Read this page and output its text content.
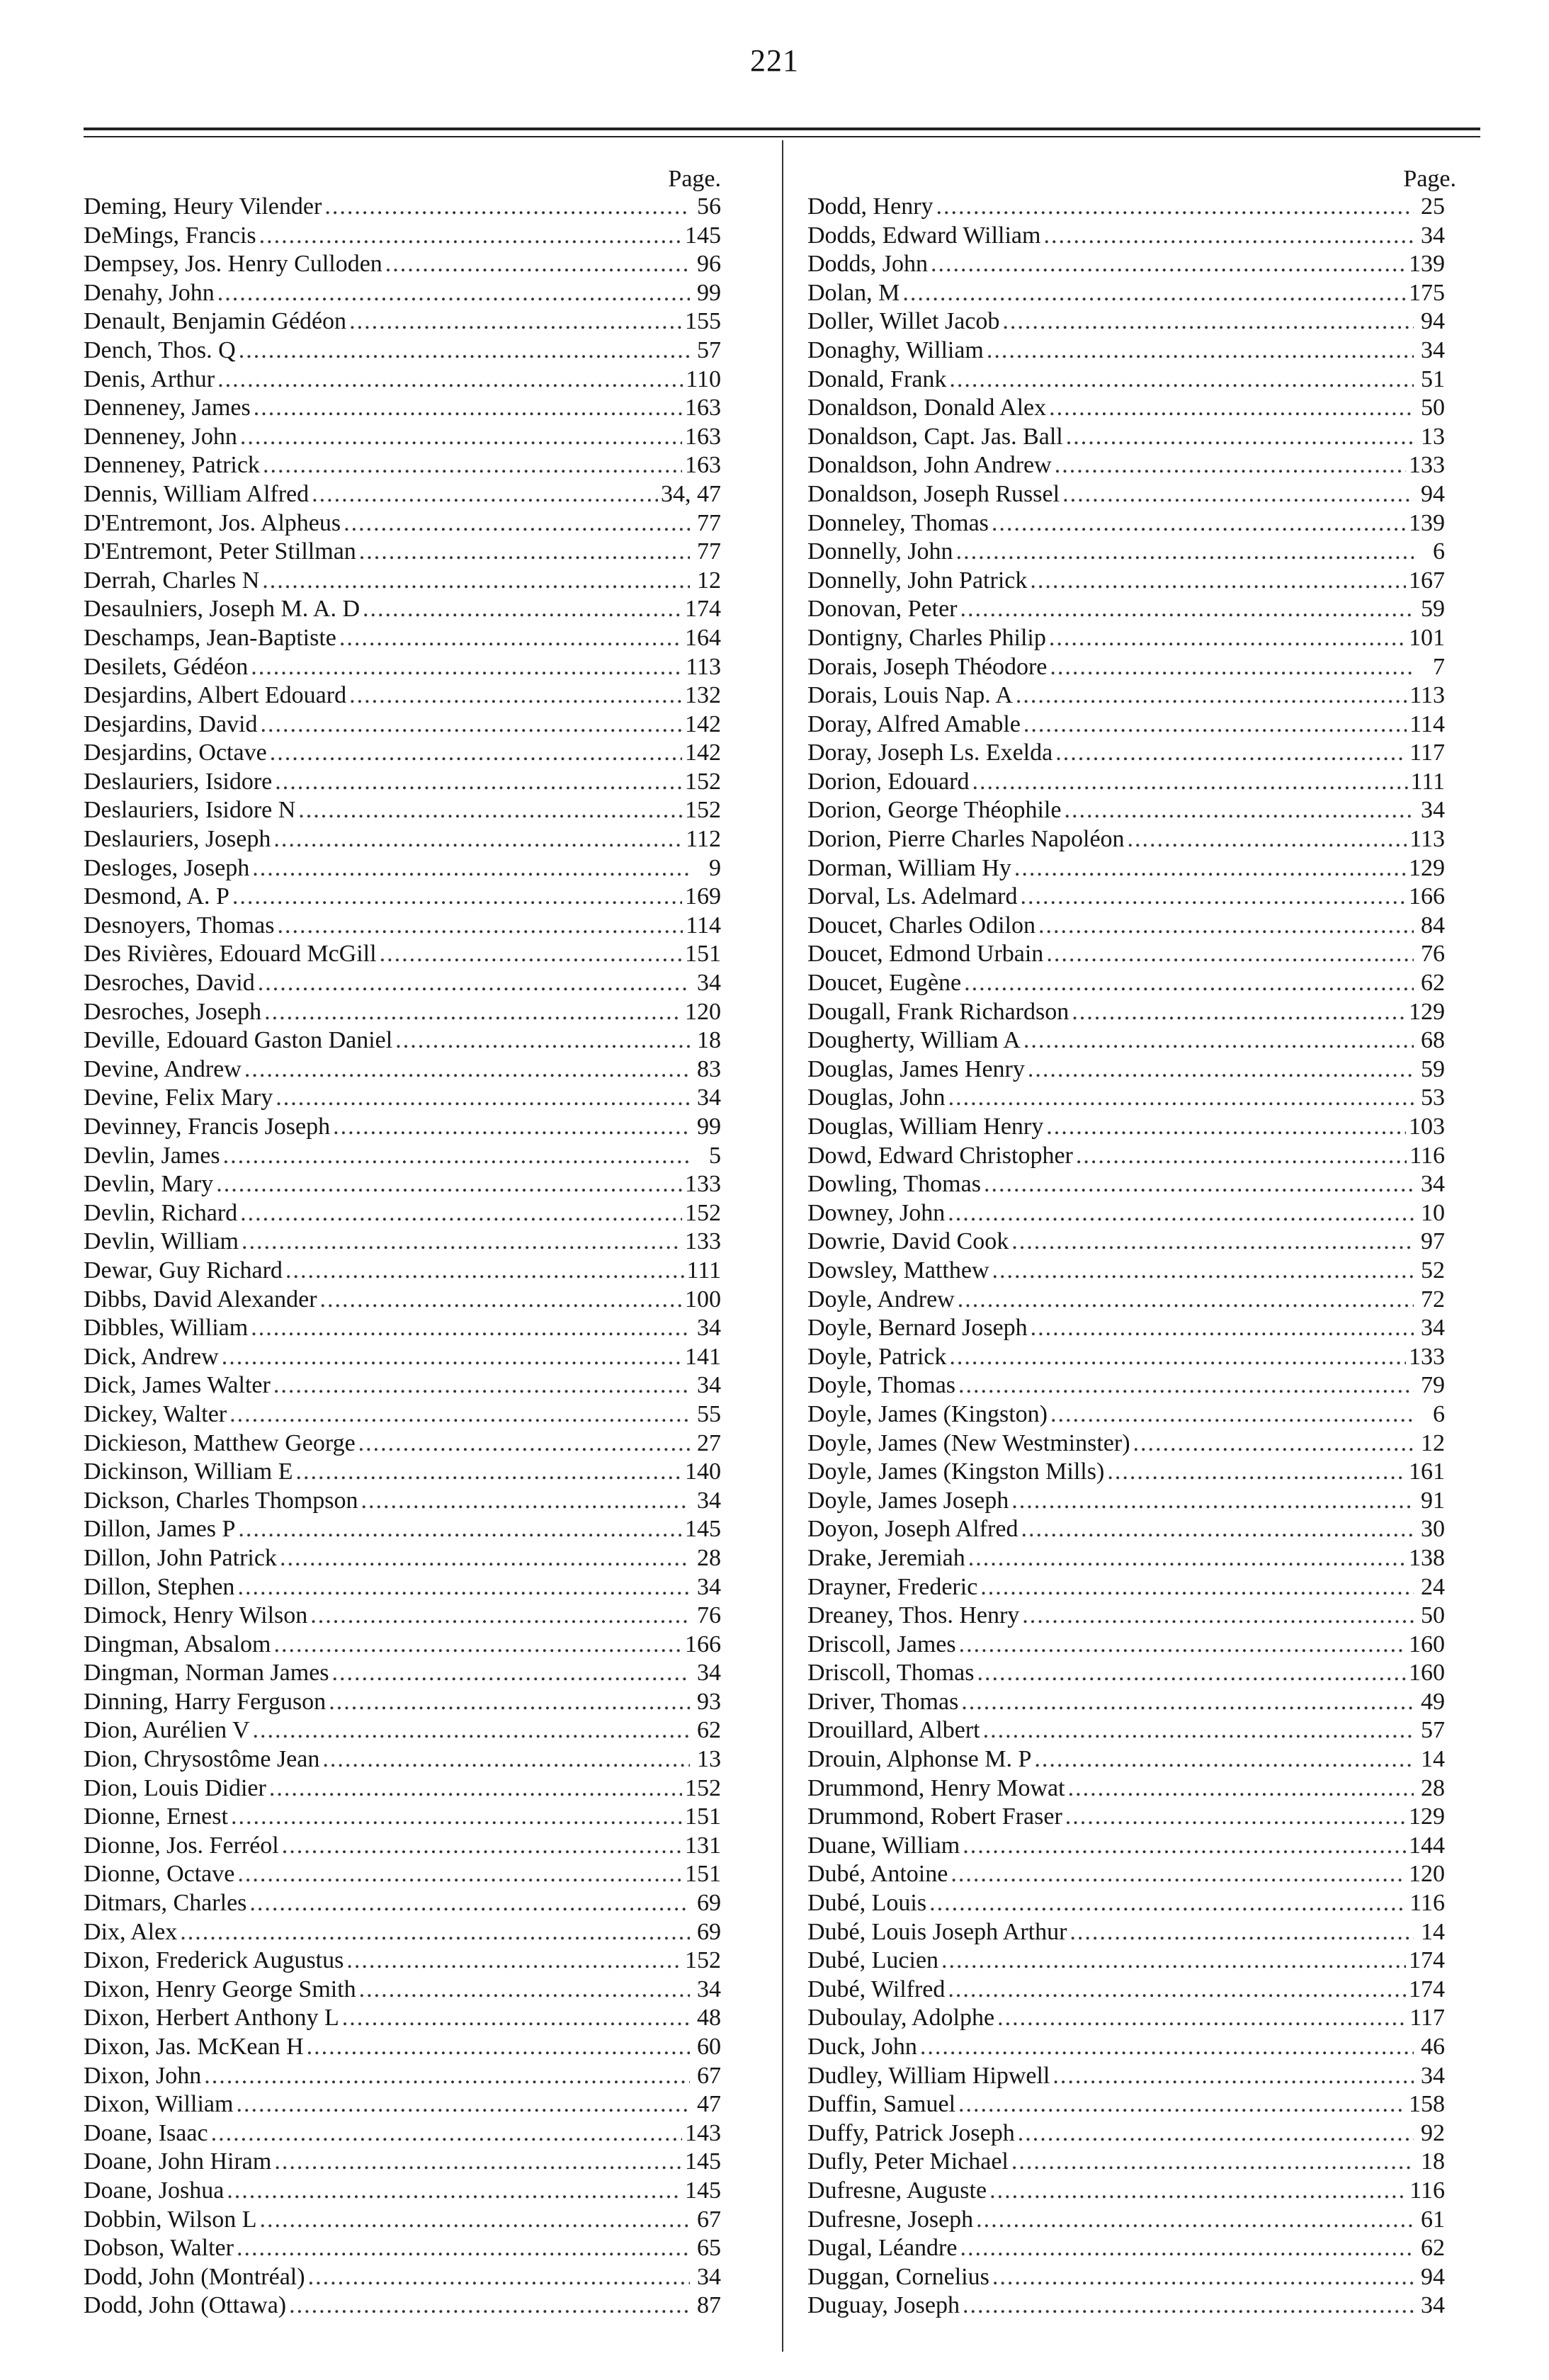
221
Page.
Deming, Heury Vilender .....	56
DeMings, Francis .....	145
Dempsey, Jos. Henry Culloden .....	96
Denahy, John .....	99
Denault, Benjamin Gédéon .....	155
Dench, Thos. Q .....	57
Denis, Arthur .....	110
Denneney, James .....	163
Denneney, John .....	163
Denneney, Patrick .....	163
Dennis, William Alfred .....	34, 47
D'Entremont, Jos. Alpheus .....	77
D'Entremont, Peter Stillman .....	77
Derrah, Charles N .....	12
Desaulniers, Joseph M. A. D .....	174
Deschamps, Jean-Baptiste .....	164
Desilets, Gédéon .....	113
Desjardins, Albert Edouard .....	132
Desjardins, David .....	142
Desjardins, Octave .....	142
Deslauriers, Isidore .....	152
Deslauriers, Isidore N .....	152
Deslauriers, Joseph .....	112
Desloges, Joseph .....	9
Desmond, A. P .....	169
Desnoyers, Thomas .....	114
Des Rivières, Edouard McGill .....	151
Desroches, David .....	34
Desroches, Joseph .....	120
Deville, Edouard Gaston Daniel .....	18
Devine, Andrew .....	83
Devine, Felix Mary .....	34
Devinney, Francis Joseph .....	99
Devlin, James .....	5
Devlin, Mary .....	133
Devlin, Richard .....	152
Devlin, William .....	133
Dewar, Guy Richard .....	111
Dibbs, David Alexander .....	100
Dibbles, William .....	34
Dick, Andrew .....	141
Dick, James Walter .....	34
Dickey, Walter .....	55
Dickieson, Matthew George .....	27
Dickinson, William E .....	140
Dickson, Charles Thompson .....	34
Dillon, James P .....	145
Dillon, John Patrick .....	28
Dillon, Stephen .....	34
Dimock, Henry Wilson .....	76
Dingman, Absalom .....	166
Dingman, Norman James .....	34
Dinning, Harry Ferguson .....	93
Dion, Aurélien V .....	62
Dion, Chrysostôme Jean .....	13
Dion, Louis Didier .....	152
Dionne, Ernest .....	151
Dionne, Jos. Ferréol .....	131
Dionne, Octave .....	151
Ditmars, Charles .....	69
Dix, Alex .....	69
Dixon, Frederick Augustus .....	152
Dixon, Henry George Smith .....	34
Dixon, Herbert Anthony L .....	48
Dixon, Jas. McKean H .....	60
Dixon, John .....	67
Dixon, William .....	47
Doane, Isaac .....	143
Doane, John Hiram .....	145
Doane, Joshua .....	145
Dobbin, Wilson L .....	67
Dobson, Walter .....	65
Dodd, John (Montréal) .....	34
Dodd, John (Ottawa) .....	87
Page.
Dodd, Henry .....	25
Dodds, Edward William .....	34
Dodds, John .....	139
Dolan, M .....	175
Doller, Willet Jacob .....	94
Donaghy, William .....	34
Donald, Frank .....	51
Donaldson, Donald Alex .....	50
Donaldson, Capt. Jas. Ball .....	13
Donaldson, John Andrew .....	133
Donaldson, Joseph Russel .....	94
Donneley, Thomas .....	139
Donnelly, John .....	6
Donnelly, John Patrick .....	167
Donovan, Peter .....	59
Dontigny, Charles Philip .....	101
Dorais, Joseph Théodore .....	7
Dorais, Louis Nap. A .....	113
Doray, Alfred Amable .....	114
Doray, Joseph Ls. Exelda .....	117
Dorion, Edouard .....	111
Dorion, George Théophile .....	34
Dorion, Pierre Charles Napoléon .....	113
Dorman, William Hy .....	129
Dorval, Ls. Adelmard .....	166
Doucet, Charles Odilon .....	84
Doucet, Edmond Urbain .....	76
Doucet, Eugène .....	62
Dougall, Frank Richardson .....	129
Dougherty, William A .....	68
Douglas, James Henry .....	59
Douglas, John .....	53
Douglas, William Henry .....	103
Dowd, Edward Christopher .....	116
Dowling, Thomas .....	34
Downey, John .....	10
Dowrie, David Cook .....	97
Dowsley, Matthew .....	52
Doyle, Andrew .....	72
Doyle, Bernard Joseph .....	34
Doyle, Patrick .....	133
Doyle, Thomas .....	79
Doyle, James (Kingston) .....	6
Doyle, James (New Westminster) .....	12
Doyle, James (Kingston Mills) .....	161
Doyle, James Joseph .....	91
Doyon, Joseph Alfred .....	30
Drake, Jeremiah .....	138
Drayner, Frederic .....	24
Dreaney, Thos. Henry .....	50
Driscoll, James .....	160
Driscoll, Thomas .....	160
Driver, Thomas .....	49
Drouillard, Albert .....	57
Drouin, Alphonse M. P .....	14
Drummond, Henry Mowat .....	28
Drummond, Robert Fraser .....	129
Duane, William .....	144
Dubé, Antoine .....	120
Dubé, Louis .....	116
Dubé, Louis Joseph Arthur .....	14
Dubé, Lucien .....	174
Dubé, Wilfred .....	174
Duboulay, Adolphe .....	117
Duck, John .....	46
Dudley, William Hipwell .....	34
Duffin, Samuel .....	158
Duffy, Patrick Joseph .....	92
Dufly, Peter Michael .....	18
Dufresne, Auguste .....	116
Dufresne, Joseph .....	61
Dugal, Léandre .....	62
Duggan, Cornelius .....	94
Duguay, Joseph .....	34
